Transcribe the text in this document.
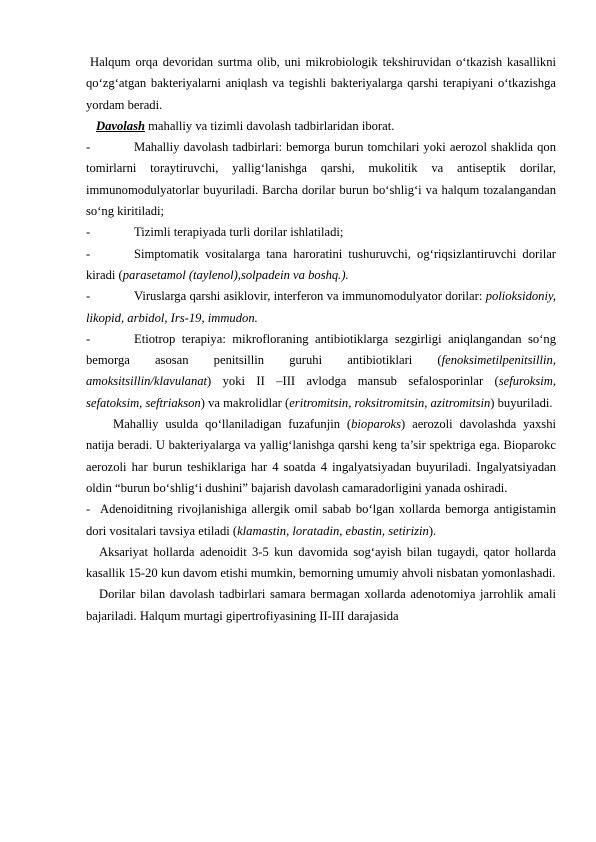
Halqum orqa devoridan surtma olib, uni mikrobiologik tekshiruvidan o‘tkazish kasallikni qo‘zg‘atgan bakteriyalarni aniqlash va tegishli bakteriyalarga qarshi terapiyani o‘tkazishga yordam beradi.

Davolash mahalliy va tizimli davolash tadbirlaridan iborat.

-	Mahalliy davolash tadbirlari: bemorga burun tomchilari yoki aerozol shaklida qon tomirlarni toraytiruvchi, yallig‘lanishga qarshi, mukolitik va antiseptik dorilar, immunomodulyatorlar buyuriladi. Barcha dorilar burun bo‘shlig‘i va halqum tozalangandan so‘ng kiritiladi;

-	Tizimli terapiyada turli dorilar ishlatiladi;

-	Simptomatik vositalarga tana haroratini tushuruvchi, og‘riqsizlantiruvchi dorilar kiradi (parasetamol (taylenol),solpadein va boshq.).

-	Viruslarga qarshi asiklovir, interferon va immunomodulyator dorilar: polioksidoniy, likopid, arbidol, Irs-19, immudon.

-	Etiotrop terapiya: mikrofloraning antibiotiklarga sezgirligi aniqlangandan so‘ng bemorga asosan penitsillin guruhi antibiotiklari (fenoksimetilpenitsillin, amoksitsillin/klavulanat) yoki II –III avlodga mansub sefalosporinlar (sefuroksim, sefatoksim, seftriakson) va makrolidlar (eritromitsin, roksitromitsin, azitromitsin) buyuriladi.

Mahalliy usulda qo‘llaniladigan fuzafunjin (bioparoks) aerozoli davolashda yaxshi natija beradi. U bakteriyalarga va yallig‘lanishga qarshi keng ta’sir spektriga ega. Bioparokc aerozoli har burun teshiklariga har 4 soatda 4 ingalyatsiyadan buyuriladi. Ingalyatsiyadan oldin “burun bo‘shlig‘i dushini” bajarish davolash camaradorligini yanada oshiradi.

- Adenoiditning rivojlanishiga allergik omil sabab bo‘lgan xollarda bemorga antigistamin dori vositalari tavsiya etiladi (klamastin, loratadin, ebastin, setirizin).

Aksariyat hollarda adenoidit 3-5 kun davomida sog‘ayish bilan tugaydi, qator hollarda kasallik 15-20 kun davom etishi mumkin, bemorning umumiy ahvoli nisbatan yomonlashadi.

Dorilar bilan davolash tadbirlari samara bermagan xollarda adenotomiya jarrohlik amali bajariladi. Halqum murtagi gipertrofiyasining II-III darajasida
